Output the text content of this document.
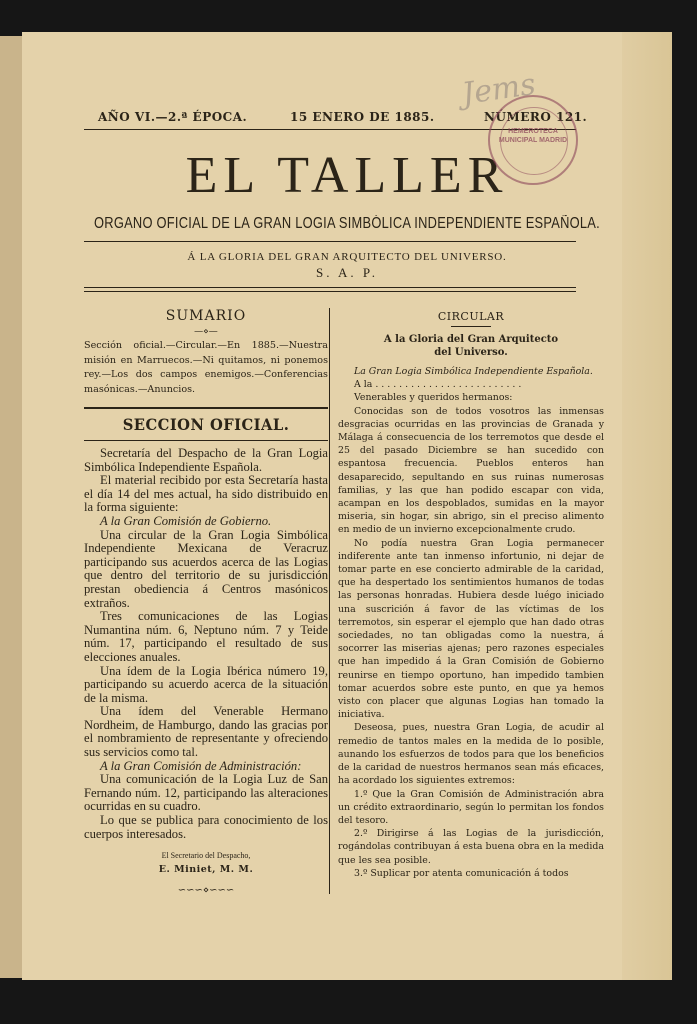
Jems
AÑO VI.—2.ª ÉPOCA.	15 ENERO DE 1885.	NÚMERO 121.
EL TALLER
ORGANO OFICIAL DE LA GRAN LOGIA SIMBÓLICA INDEPENDIENTE ESPAÑOLA.
Á LA GLORIA DEL GRAN ARQUITECTO DEL UNIVERSO.
S. A. P.
HEMEROTECA MUNICIPAL MADRID
SUMARIO
—⋄—
Sección oficial.—Circular.—En 1885.—Nuestra misión en Marruecos.—Ni quitamos, ni ponemos rey.—Los dos campos enemigos.—Conferencias masónicas.—Anuncios.
SECCION OFICIAL.

Secretaría del Despacho de la Gran Logia Simbólica Independiente Española.

El material recibido por esta Secretaría hasta el día 14 del mes actual, ha sido distribuido en la forma siguiente:

A la Gran Comisión de Gobierno.

Una circular de la Gran Logia Simbólica Independiente Mexicana de Veracruz participando sus acuerdos acerca de las Logias que dentro del territorio de su jurisdicción prestan obediencia á Centros masónicos extraños.

Tres comunicaciones de las Logias Numantina núm. 6, Neptuno núm. 7 y Teide núm. 17, participando el resultado de sus elecciones anuales.

Una ídem de la Logia Ibérica número 19, participando su acuerdo acerca de la situación de la misma.

Una ídem del Venerable Hermano Nordheim, de Hamburgo, dando las gracias por el nombramiento de representante y ofreciendo sus servicios como tal.

A la Gran Comisión de Administración:

Una comunicación de la Logia Luz de San Fernando núm. 12, participando las alteraciones ocurridas en su cuadro.

Lo que se publica para conocimiento de los cuerpos interesados.

El Secretario del Despacho,
E. Miniet, M. M.
∽∽∽⋄∽∽∽
CIRCULAR
A la Gloria del Gran Arquitecto
del Universo.

La Gran Logia Simbólica Independiente Española.

A la . . . . . . . . . . . . . . . . . . . . . . . . .

Venerables y queridos hermanos:

Conocidas son de todos vosotros las inmensas desgracias ocurridas en las provincias de Granada y Málaga á consecuencia de los terremotos que desde el 25 del pasado Diciembre se han sucedido con espantosa frecuencia. Pueblos enteros han desaparecido, sepultando en sus ruinas numerosas familias, y las que han podido escapar con vida, acampan en los despoblados, sumidas en la mayor miseria, sin hogar, sin abrigo, sin el preciso alimento en medio de un invierno excepcionalmente crudo.

No podía nuestra Gran Logia permanecer indiferente ante tan inmenso infortunio, ni dejar de tomar parte en ese concierto admirable de la caridad, que ha despertado los sentimientos humanos de todas las personas honradas. Hubiera desde luégo iniciado una suscrición á favor de las víctimas de los terremotos, sin esperar el ejemplo que han dado otras sociedades, no tan obligadas como la nuestra, á socorrer las miserias ajenas; pero razones especiales que han impedido á la Gran Comisión de Gobierno reunirse en tiempo oportuno, han impedido tambien tomar acuerdos sobre este punto, en que ya hemos visto con placer que algunas Logias han tomado la iniciativa.

Deseosa, pues, nuestra Gran Logia, de acudir al remedio de tantos males en la medida de lo posible, aunando los esfuerzos de todos para que los beneficios de la caridad de nuestros hermanos sean más eficaces, ha acordado los siguientes extremos:

1.º Que la Gran Comisión de Administración abra un crédito extraordinario, según lo permitan los fondos del tesoro.

2.º Dirigirse á las Logias de la jurisdicción, rogándolas contribuyan á esta buena obra en la medida que les sea posible.

3.º Suplicar por atenta comunicación á todos
